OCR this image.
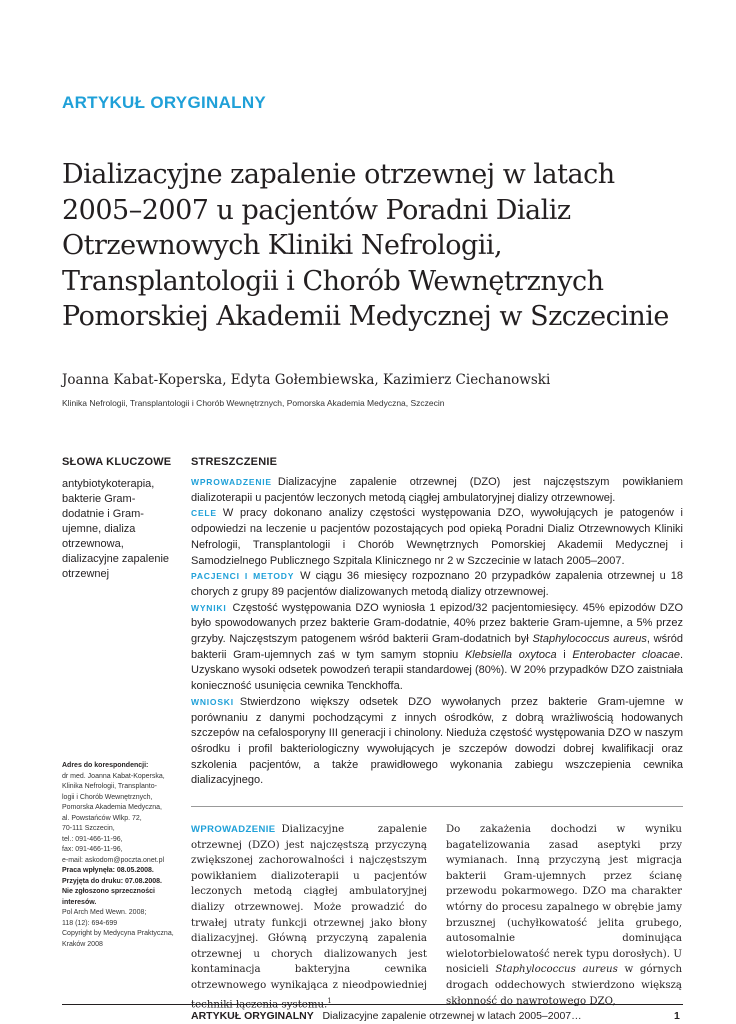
ARTYKUŁ ORYGINALNY
Dializacyjne zapalenie otrzewnej w latach
2005–2007 u pacjentów Poradni Dializ
Otrzewnowych Kliniki Nefrologii,
Transplantologii i Chorób Wewnętrznych
Pomorskiej Akademii Medycznej w Szczecinie
Joanna Kabat-Koperska, Edyta Gołembiewska, Kazimierz Ciechanowski
Klinika Nefrologii, Transplantologii i Chorób Wewnętrznych, Pomorska Akademia Medyczna, Szczecin
SŁOWA KLUCZOWE
antybiotykoterapia, bakterie Gram-dodatnie i Gram-ujemne, dializa otrzewnowa, dializacyjne zapalenie otrzewnej
STRESZCZENIE

WPROWADZENIE Dializacyjne zapalenie otrzewnej (DZO) jest najczęstszym powikłaniem dializoterapii u pacjentów leczonych metodą ciągłej ambulatoryjnej dializy otrzewnowej.

CELE W pracy dokonano analizy częstości występowania DZO, wywołujących je patogenów i odpowiedzi na leczenie u pacjentów pozostających pod opieką Poradni Dializ Otrzewnowych Kliniki Nefrologii, Transplantologii i Chorób Wewnętrznych Pomorskiej Akademii Medycznej i Samodzielnego Publicznego Szpitala Klinicznego nr 2 w Szczecinie w latach 2005–2007.

PACJENCI I METODY W ciągu 36 miesięcy rozpoznano 20 przypadków zapalenia otrzewnej u 18 chorych z grupy 89 pacjentów dializowanych metodą dializy otrzewnowej.

WYNIKI Częstość występowania DZO wyniosła 1 epizod/32 pacjentomiesięcy. 45% epizodów DZO było spowodowanych przez bakterie Gram-dodatnie, 40% przez bakterie Gram-ujemne, a 5% przez grzyby. Najczęstszym patogenem wśród bakterii Gram-dodatnich był Staphylococcus aureus, wśród bakterii Gram-ujemnych zaś w tym samym stopniu Klebsiella oxytoca i Enterobacter cloacae. Uzyskano wysoki odsetek powodzeń terapii standardowej (80%). W 20% przypadków DZO zaistniała konieczność usunięcia cewnika Tenckhoffa.

WNIOSKI Stwierdzono większy odsetek DZO wywołanych przez bakterie Gram-ujemne w porównaniu z danymi pochodzącymi z innych ośrodków, z dobrą wrażliwością hodowanych szczepów na cefalosporyny III generacji i chinolony. Nieduża częstość występowania DZO w naszym ośrodku i profil bakteriologiczny wywołujących je szczepów dowodzi dobrej kwalifikacji oraz szkolenia pacjentów, a także prawidłowego wykonania zabiegu wszczepienia cewnika dializacyjnego.

Adres do korespondencji:
dr med. Joanna Kabat-Koperska,
Klinika Nefrologii, Transplanto-
logii i Chorób Wewnętrznych,
Pomorska Akademia Medyczna,
al. Powstańców Wlkp. 72,
70-111 Szczecin,
tel.: 091-466-11-96,
fax: 091-466-11-96,
e-mail: askodom@poczta.onet.pl
Praca wpłynęła: 08.05.2008.
Przyjęta do druku: 07.08.2008.
Nie zgłoszono sprzeczności interesów.
Pol Arch Med Wewn. 2008;
118 (12): 694-699
Copyright by Medycyna Praktyczna,
Kraków 2008
WPROWADZENIE Dializacyjne zapalenie otrzewnej (DZO) jest najczęstszą przyczyną zwiększonej zachorowalności i najczęstszym powikłaniem dializoterapii u pacjentów leczonych metodą ciągłej ambulatoryjnej dializy otrzewnowej. Może prowadzić do trwałej utraty funkcji otrzewnej jako błony dializacyjnej. Główną przyczyną zapalenia otrzewnej u chorych dializowanych jest kontaminacja bakteryjna cewnika otrzewnowego wynikająca z nieodpowiedniej techniki łączenia systemu.$^1$
Do zakażenia dochodzi w wyniku bagatelizowania zasad aseptyki przy wymianach. Inną przyczyną jest migracja bakterii Gram-ujemnych przez ścianę przewodu pokarmowego. DZO ma charakter wtórny do procesu zapalnego w obrębie jamy brzusznej (uchyłkowatość jelita grubego, autosomalnie dominująca wielotorbielowatość nerek typu dorosłych). U nosicieli Staphylococcus aureus w górnych drogach oddechowych stwierdzono większą skłonność do nawrotowego DZO,
ARTYKUŁ ORYGINALNY Dializacyjne zapalenie otrzewnej w latach 2005–2007…	1
